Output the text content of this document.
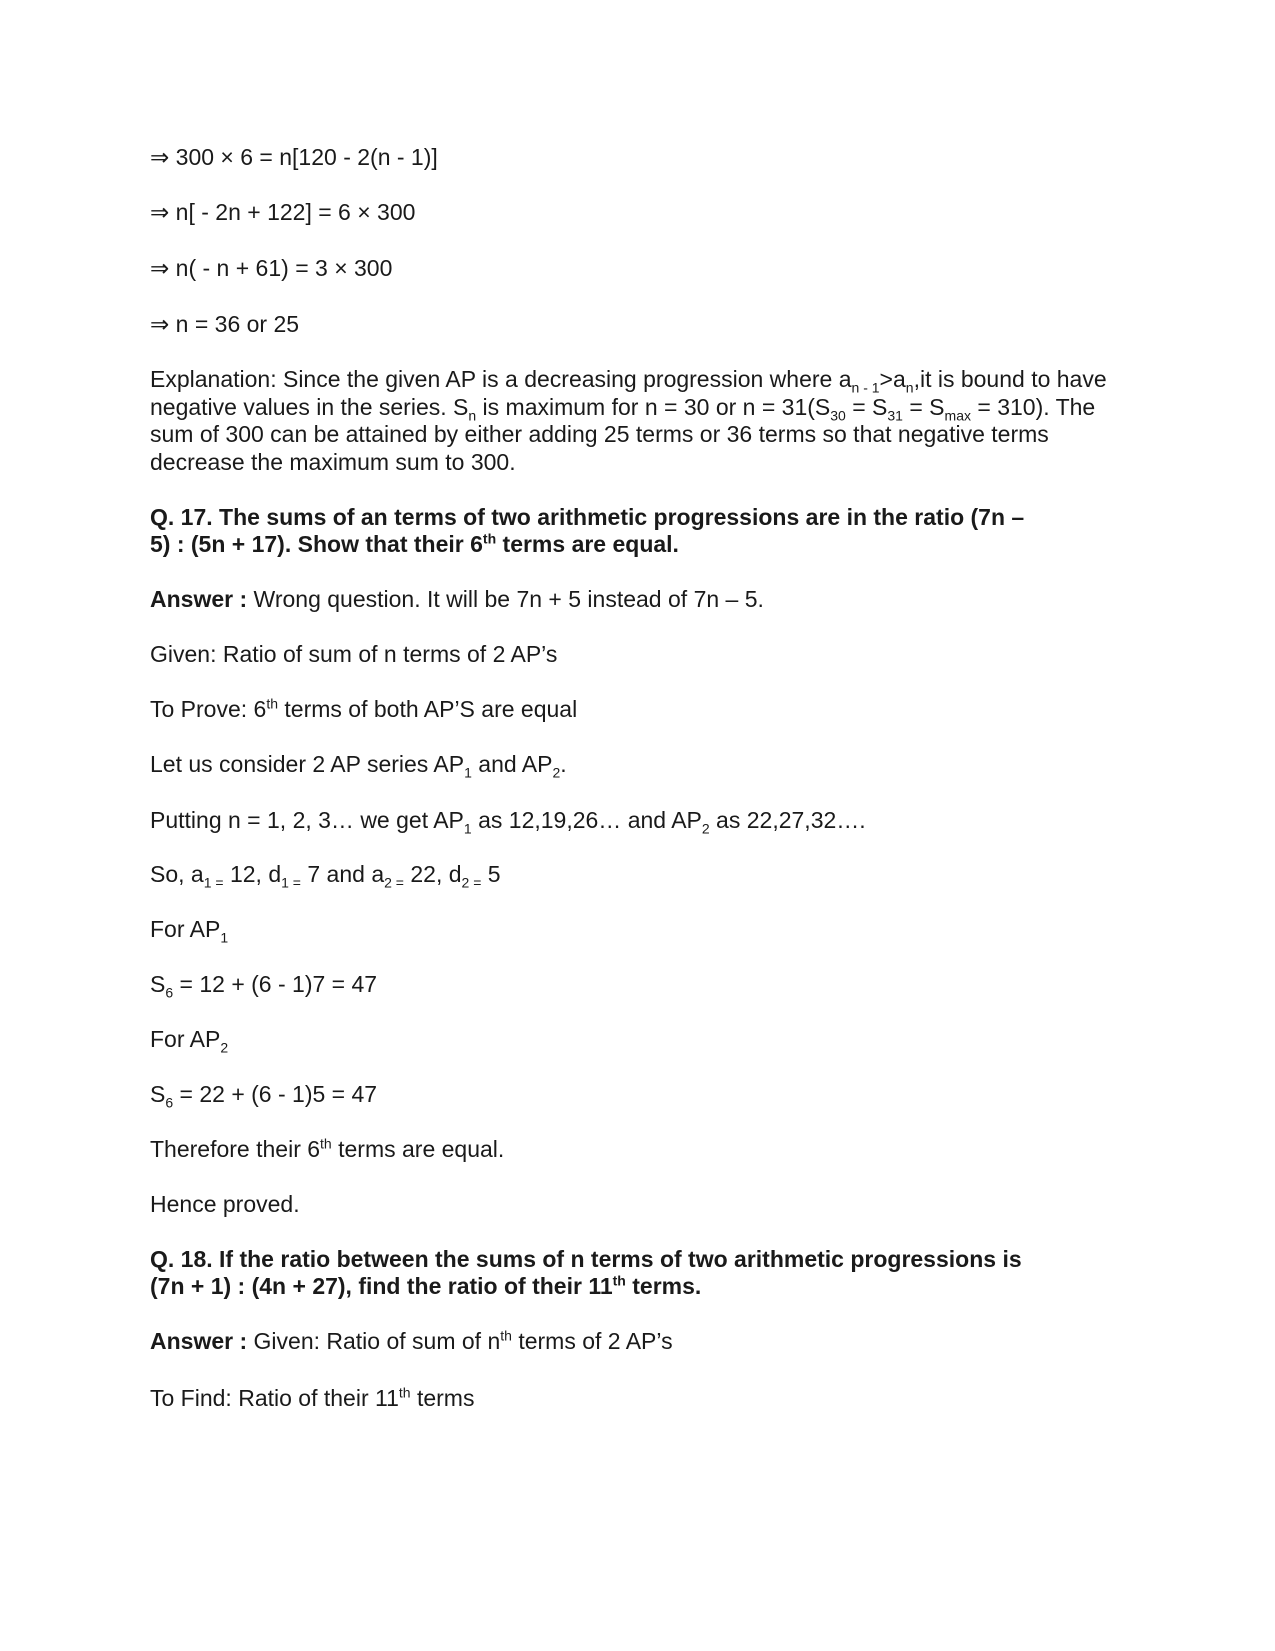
⇒ 300 × 6 = n[120 - 2(n - 1)]
⇒ n[ - 2n + 122] = 6 × 300
⇒ n( - n + 61) = 3 × 300
⇒ n = 36 or 25
Explanation: Since the given AP is a decreasing progression where $a_{n - 1}>a_n,it$ is bound to have negative values in the series. $S_n$ is maximum for n = 30 or $n = 31(S_{30} = S_{31} = S_{max} = 310)$. The sum of 300 can be attained by either adding 25 terms or 36 terms so that negative terms decrease the maximum sum to 300.
Q. 17. The sums of an terms of two arithmetic progressions are in the ratio (7n –
5) : (5n + 17). Show that their 6th terms are equal.
Answer : Wrong question. It will be 7n + 5 instead of 7n – 5.
Given: Ratio of sum of n terms of 2 AP’s
To Prove: 6th terms of both AP’S are equal
Let us consider 2 AP series $AP_1$ and $AP_2$.
Putting n = 1, 2, 3… we get $AP_1$ as 12,19,26… and $AP_2$ as 22,27,32….
So, $a_{1 =}$ 12, $d_{1 =}$ 7 and $a_{2 =}$ 22, $d_{2 =}$ 5
For $AP_1$
$S_6 = 12 + (6 - 1)7 = 47$
For $AP_2$
$S_6 = 22 + (6 - 1)5 = 47$
Therefore their 6th terms are equal.
Hence proved.
Q. 18. If the ratio between the sums of n terms of two arithmetic progressions is
(7n + 1) : (4n + 27), find the ratio of their 11th terms.
Answer : Given: Ratio of sum of $n^{th}$ terms of 2 AP’s
To Find: Ratio of their 11th terms
